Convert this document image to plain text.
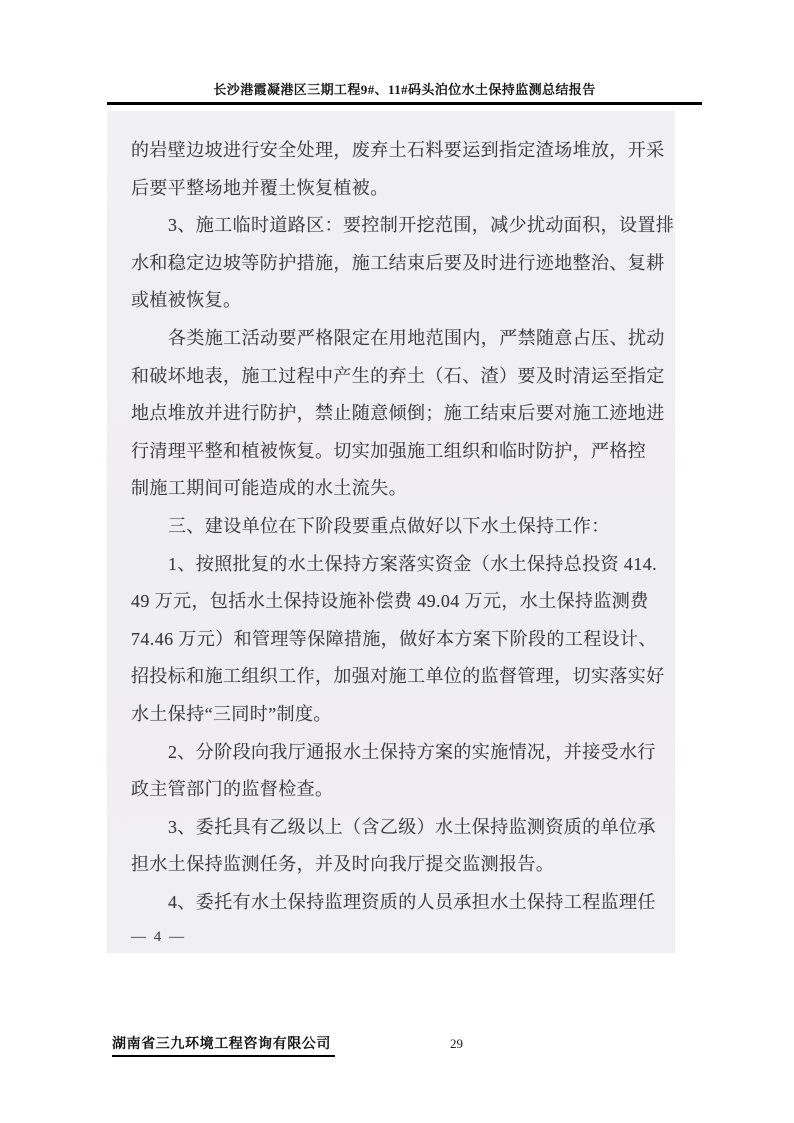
长沙港霞凝港区三期工程9#、11#码头泊位水土保持监测总结报告
的岩壁边坡进行安全处理，废弃土石料要运到指定渣场堆放，开采
后要平整场地并覆土恢复植被。
3、施工临时道路区：要控制开挖范围，减少扰动面积，设置排
水和稳定边坡等防护措施，施工结束后要及时进行迹地整治、复耕
或植被恢复。
各类施工活动要严格限定在用地范围内，严禁随意占压、扰动
和破坏地表，施工过程中产生的弃土（石、渣）要及时清运至指定
地点堆放并进行防护，禁止随意倾倒；施工结束后要对施工迹地进
行清理平整和植被恢复。切实加强施工组织和临时防护，严格控
制施工期间可能造成的水土流失。
三、建设单位在下阶段要重点做好以下水土保持工作：
1、按照批复的水土保持方案落实资金（水土保持总投资 414.
49 万元，包括水土保持设施补偿费 49.04 万元，水土保持监测费
74.46 万元）和管理等保障措施，做好本方案下阶段的工程设计、
招投标和施工组织工作，加强对施工单位的监督管理，切实落实好
水土保持“三同时”制度。
2、分阶段向我厅通报水土保持方案的实施情况，并接受水行
政主管部门的监督检查。
3、委托具有乙级以上（含乙级）水土保持监测资质的单位承
担水土保持监测任务，并及时向我厅提交监测报告。
4、委托有水土保持监理资质的人员承担水土保持工程监理任
— 4 —
湖南省三九环境工程咨询有限公司	29
